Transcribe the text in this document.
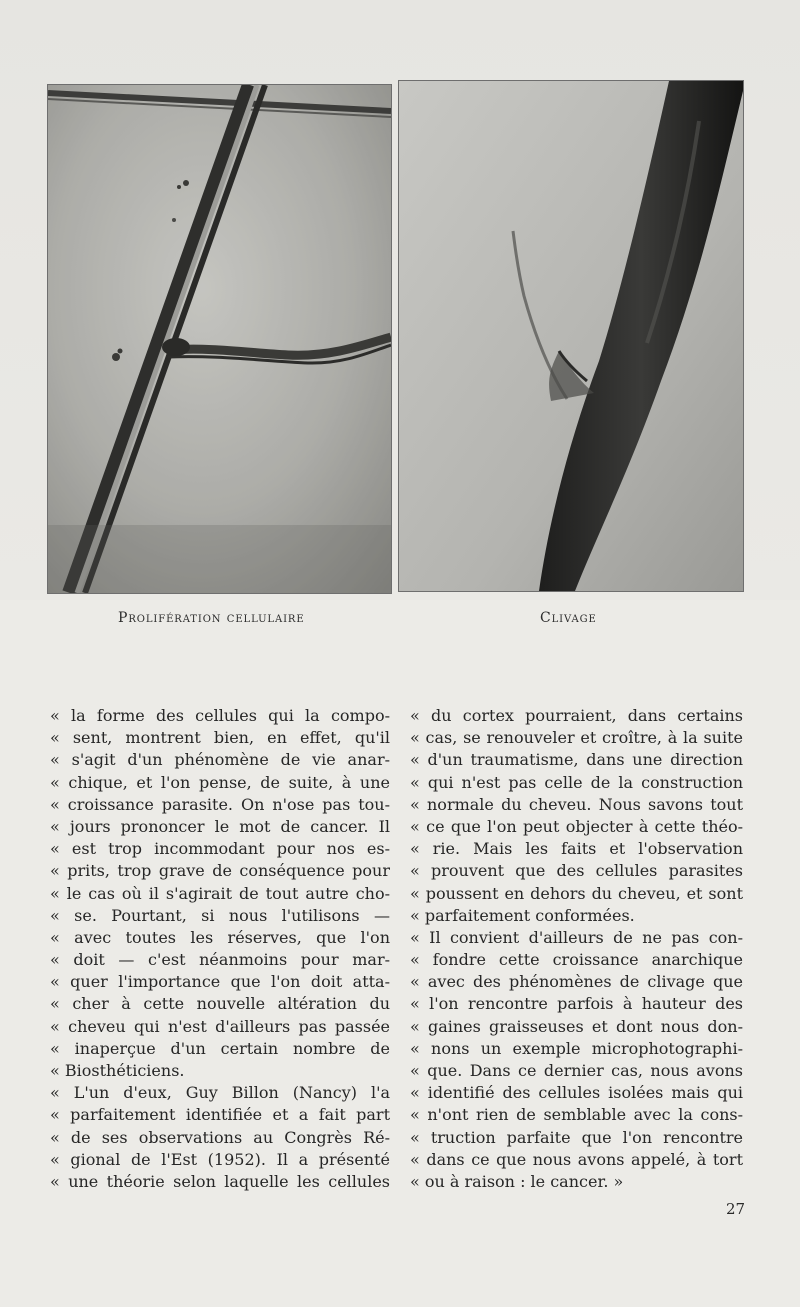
Prolifération cellulaire	Clivage
« la forme des cellules qui la compo-
« sent, montrent bien, en effet, qu'il
« s'agit d'un phénomène de vie anar-
« chique, et l'on pense, de suite, à une
« croissance parasite. On n'ose pas tou-
« jours prononcer le mot de cancer. Il
« est trop incommodant pour nos es-
« prits, trop grave de conséquence pour
« le cas où il s'agirait de tout autre cho-
« se. Pourtant, si nous l'utilisons —
« avec toutes les réserves, que l'on
« doit — c'est néanmoins pour mar-
« quer l'importance que l'on doit atta-
« cher à cette nouvelle altération du
« cheveu qui n'est d'ailleurs pas passée
« inaperçue d'un certain nombre de
« Biosthéticiens.
« L'un d'eux, Guy Billon (Nancy) l'a
« parfaitement identifiée et a fait part
« de ses observations au Congrès Ré-
« gional de l'Est (1952). Il a présenté
« une théorie selon laquelle les cellules
« du cortex pourraient, dans certains
« cas, se renouveler et croître, à la suite
« d'un traumatisme, dans une direction
« qui n'est pas celle de la construction
« normale du cheveu. Nous savons tout
« ce que l'on peut objecter à cette théo-
« rie. Mais les faits et l'observation
« prouvent que des cellules parasites
« poussent en dehors du cheveu, et sont
« parfaitement conformées.
« Il convient d'ailleurs de ne pas con-
« fondre cette croissance anarchique
« avec des phénomènes de clivage que
« l'on rencontre parfois à hauteur des
« gaines graisseuses et dont nous don-
« nons un exemple microphotographi-
« que. Dans ce dernier cas, nous avons
« identifié des cellules isolées mais qui
« n'ont rien de semblable avec la cons-
« truction parfaite que l'on rencontre
« dans ce que nous avons appelé, à tort
« ou à raison : le cancer. »
27
